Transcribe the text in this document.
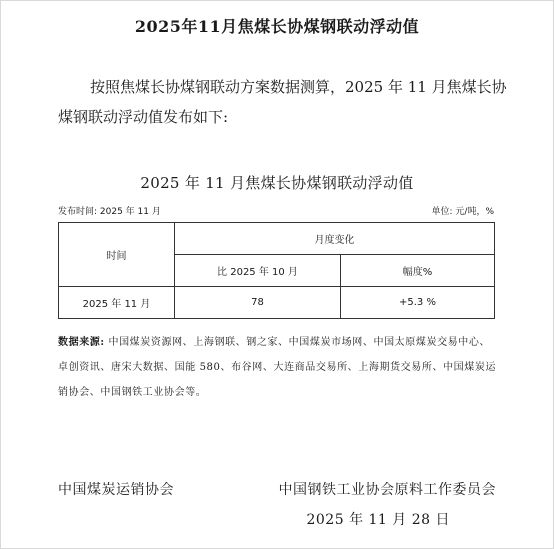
2025年11月焦煤长协煤钢联动浮动值
按照焦煤长协煤钢联动方案数据测算，2025 年 11 月焦煤长协煤钢联动浮动值发布如下:
2025 年 11 月焦煤长协煤钢联动浮动值
发布时间: 2025 年 11 月	单位: 元/吨，%
时间	月度变化	
	比 2025 年 10 月	幅度%
2025 年 11 月	78	+5.3 %
数据来源: 中国煤炭资源网、上海钢联、钢之家、中国煤炭市场网、中国太原煤炭交易中心、卓创资讯、唐宋大数据、国能 580、布谷网、大连商品交易所、上海期货交易所、中国煤炭运销协会、中国钢铁工业协会等。
中国煤炭运销协会	中国钢铁工业协会原料工作委员会
2025 年 11 月 28 日
